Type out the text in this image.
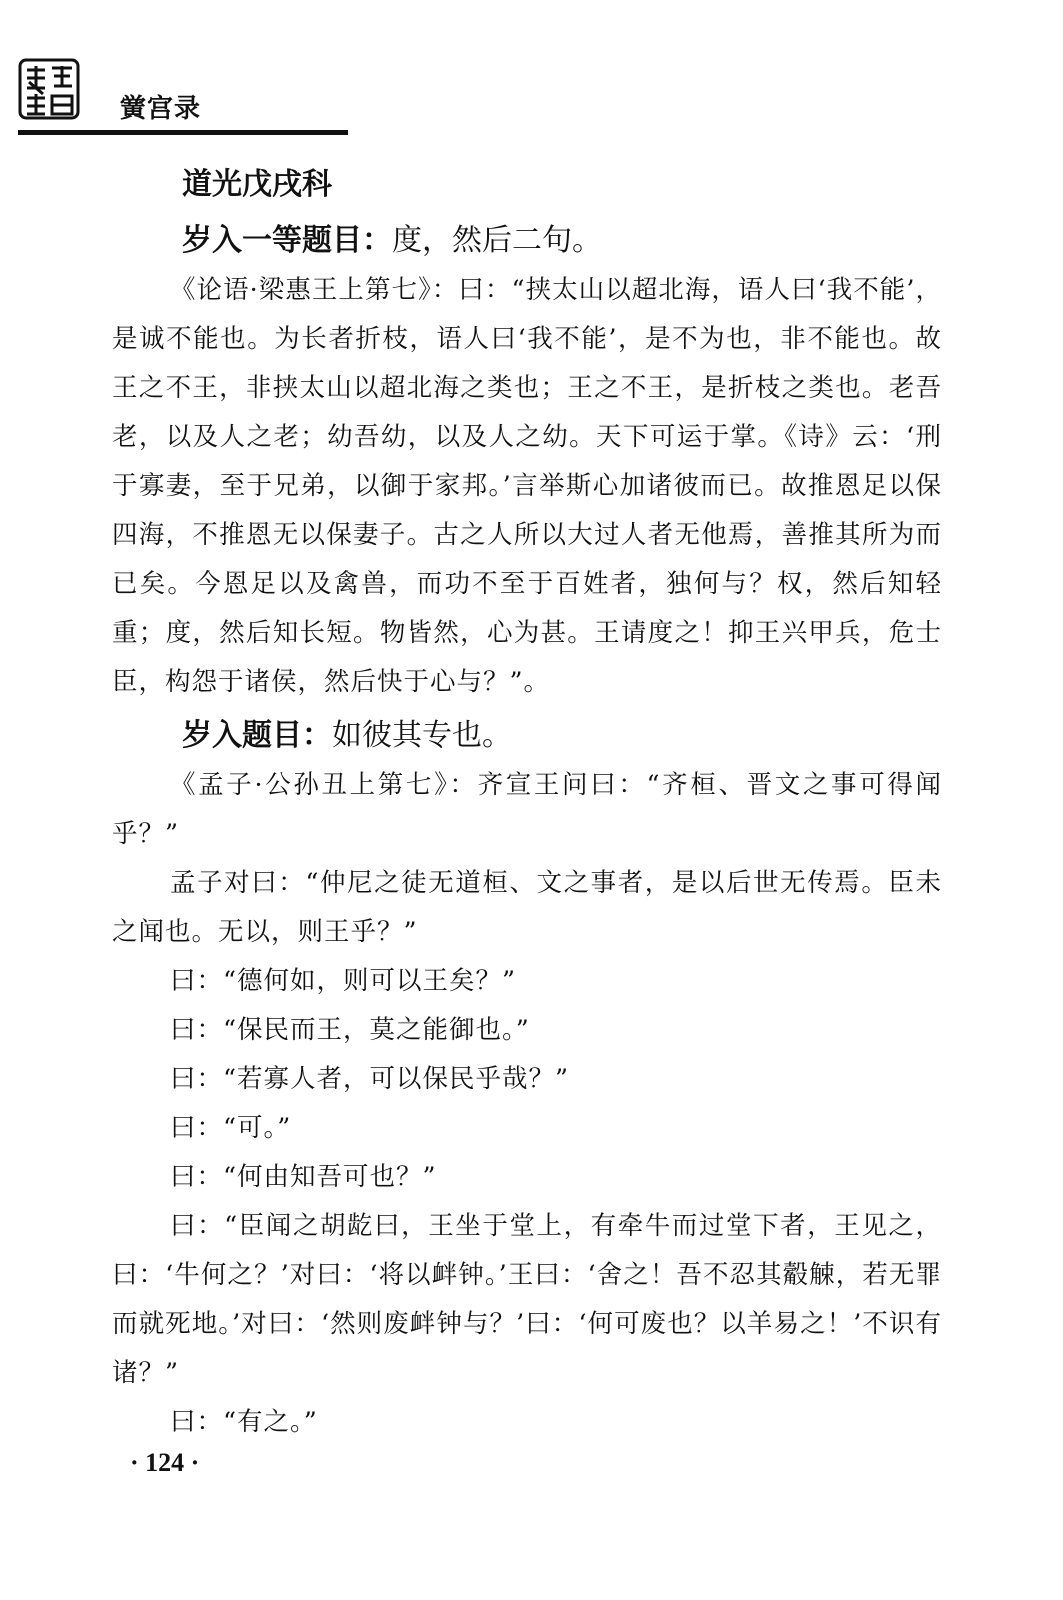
黉宫录
道光戊戌科
岁入一等题目：度，然后二句。

《论语·梁惠王上第七》：曰：“挟太山以超北海，语人曰‘我不能’，是诚不能也。为长者折枝，语人曰‘我不能’，是不为也，非不能也。故王之不王，非挟太山以超北海之类也；王之不王，是折枝之类也。老吾老，以及人之老；幼吾幼，以及人之幼。天下可运于掌。《诗》云：‘刑于寡妻，至于兄弟，以御于家邦。’言举斯心加诸彼而已。故推恩足以保四海，不推恩无以保妻子。古之人所以大过人者无他焉，善推其所为而已矣。今恩足以及禽兽，而功不至于百姓者，独何与？权，然后知轻重；度，然后知长短。物皆然，心为甚。王请度之！抑王兴甲兵，危士臣，构怨于诸侯，然后快于心与？”。

岁入题目：如彼其专也。

《孟子·公孙丑上第七》：齐宣王问曰：“齐桓、晋文之事可得闻乎？”

孟子对曰：“仲尼之徒无道桓、文之事者，是以后世无传焉。臣未之闻也。无以，则王乎？”

曰：“德何如，则可以王矣？”

曰：“保民而王，莫之能御也。”

曰：“若寡人者，可以保民乎哉？”

曰：“可。”

曰：“何由知吾可也？”

曰：“臣闻之胡龁曰，王坐于堂上，有牵牛而过堂下者，王见之，曰：‘牛何之？’对曰：‘将以衅钟。’王曰：‘舍之！吾不忍其觳觫，若无罪而就死地。’对曰：‘然则废衅钟与？’曰：‘何可废也？以羊易之！’不识有诸？”

曰：“有之。”

· 124 ·
